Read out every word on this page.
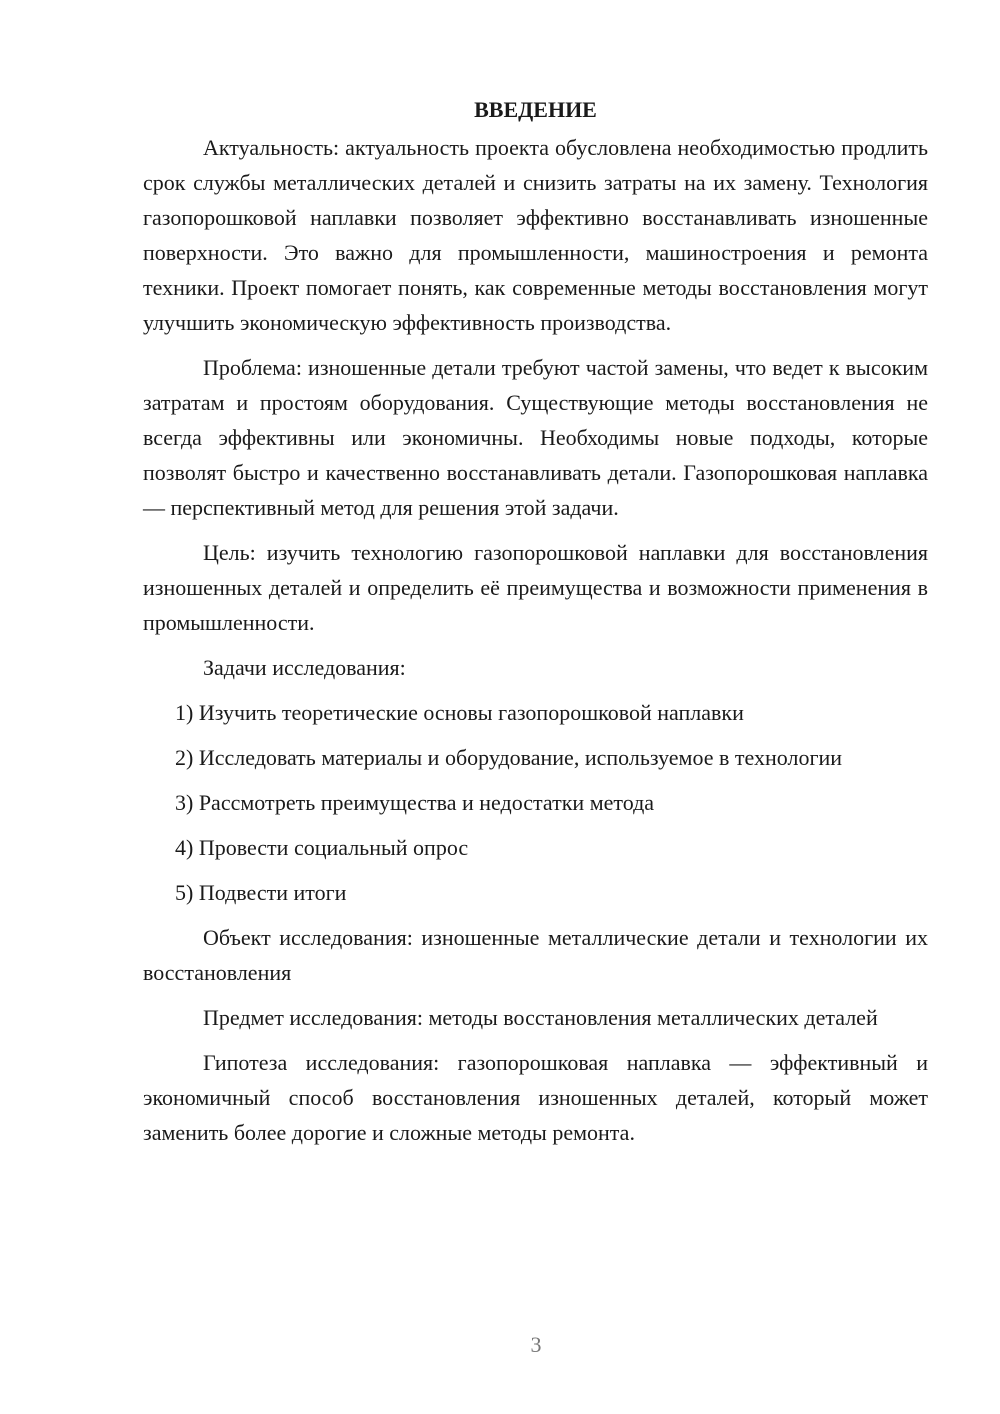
ВВЕДЕНИЕ

Актуальность: актуальность проекта обусловлена необходимостью продлить срок службы металлических деталей и снизить затраты на их замену. Технология газопорошковой наплавки позволяет эффективно восстанавливать изношенные поверхности. Это важно для промышленности, машиностроения и ремонта техники. Проект помогает понять, как современные методы восстановления могут улучшить экономическую эффективность производства.

Проблема: изношенные детали требуют частой замены, что ведет к высоким затратам и простоям оборудования. Существующие методы восстановления не всегда эффективны или экономичны. Необходимы новые подходы, которые позволят быстро и качественно восстанавливать детали. Газопорошковая наплавка — перспективный метод для решения этой задачи.

Цель: изучить технологию газопорошковой наплавки для восстановления изношенных деталей и определить её преимущества и возможности применения в промышленности.

Задачи исследования:

1) Изучить теоретические основы газопорошковой наплавки

2) Исследовать материалы и оборудование, используемое в технологии

3) Рассмотреть преимущества и недостатки метода

4) Провести социальный опрос

5) Подвести итоги

Объект исследования: изношенные металлические детали и технологии их восстановления

Предмет исследования: методы восстановления металлических деталей

Гипотеза исследования: газопорошковая наплавка — эффективный и экономичный способ восстановления изношенных деталей, который может заменить более дорогие и сложные методы ремонта.

3
